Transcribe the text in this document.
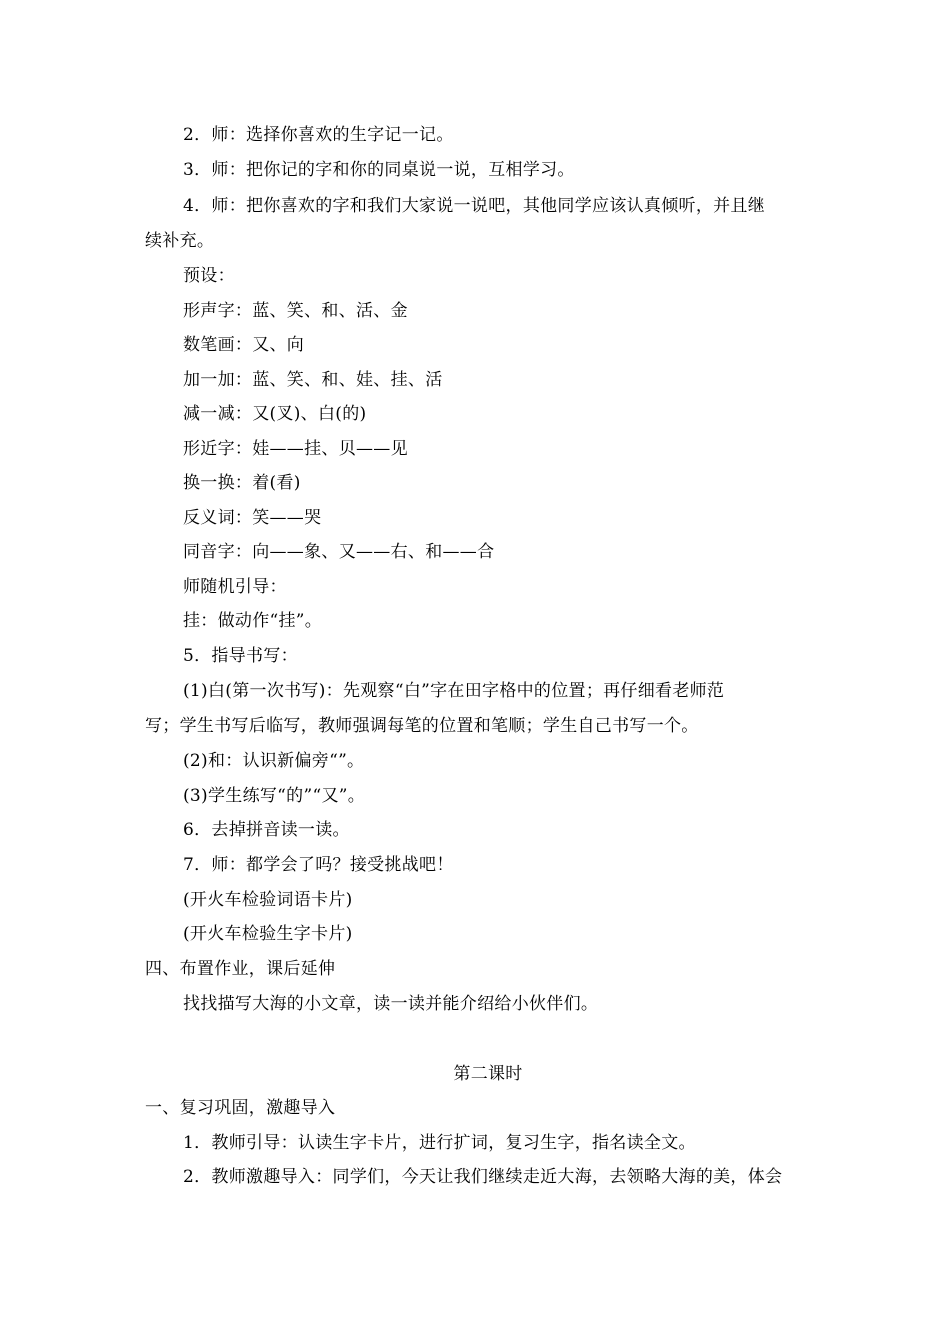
2．师：选择你喜欢的生字记一记。
3．师：把你记的字和你的同桌说一说，互相学习。
4．师：把你喜欢的字和我们大家说一说吧，其他同学应该认真倾听，并且继
续补充。
预设：
形声字：蓝、笑、和、活、金
数笔画：又、向
加一加：蓝、笑、和、娃、挂、活
减一减：又(叉)、白(的)
形近字：娃——挂、贝——见
换一换：着(看)
反义词：笑——哭
同音字：向——象、又——右、和——合
师随机引导：
挂：做动作“挂”。
5．指导书写：
(1)白(第一次书写)：先观察“白”字在田字格中的位置；再仔细看老师范
写；学生书写后临写，教师强调每笔的位置和笔顺；学生自己书写一个。
(2)和：认识新偏旁“”。
(3)学生练写“的”“又”。
6．去掉拼音读一读。
7．师：都学会了吗？接受挑战吧！
(开火车检验词语卡片)
(开火车检验生字卡片)
四、布置作业，课后延伸
找找描写大海的小文章，读一读并能介绍给小伙伴们。
第二课时
一、复习巩固，激趣导入
1．教师引导：认读生字卡片，进行扩词，复习生字，指名读全文。
2．教师激趣导入：同学们，今天让我们继续走近大海，去领略大海的美，体会
